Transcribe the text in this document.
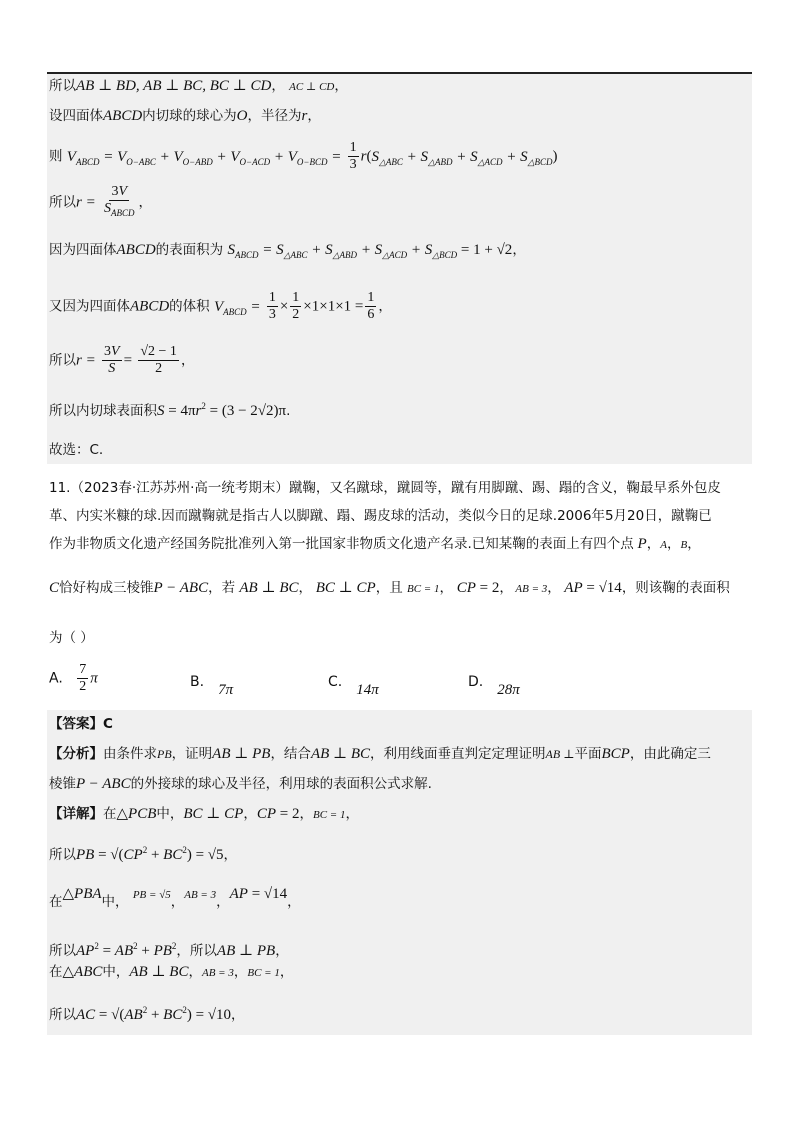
所以AB ⊥ BD, AB ⊥ BC, BC ⊥ CD， AC ⊥ CD，
设四面体ABCD内切球的球心为O，半径为r，
则 $V_{ABCD} = V_{O-ABC} + V_{O-ABD} + V_{O-ACD} + V_{O-BCD} = \frac{1}{3} r(S_{\triangle ABC} + S_{\triangle ABD} + S_{\triangle ACD} + S_{\triangle BCD})$
所以$r = \frac{3V}{S_{ABCD}}$ ，
因为四面体ABCD的表面积为 $S_{ABCD} = S_{\triangle ABC} + S_{\triangle ABD} + S_{\triangle ACD} + S_{\triangle BCD} = 1 + √2$，
又因为四面体ABCD的体积 $V_{ABCD} = \frac{1}{3} \times \frac{1}{2} \times 1\times 1\times 1 = \frac{1}{6}$ ，
所以$r = \frac{3V}{S} = \frac{√2 - 1}{2}$ ，
所以内切球表面积$S = 4\pi r^2 = (3 - 2√2)\pi$.
故选：C.
11.（2023春·江苏苏州·高一统考期末）蹴鞠，又名蹴球，蹴圆等，蹴有用脚蹴、踢、蹋的含义，鞠最早系外包皮
革、内实米糠的球.因而蹴鞠就是指古人以脚蹴、蹋、踢皮球的活动，类似今日的足球.2006年5月20日，蹴鞠已
作为非物质文化遗产经国务院批准列入第一批国家非物质文化遗产名录.已知某鞠的表面上有四个点 P，A，B，
C恰好构成三棱锥P − ABC，若 AB ⊥ BC， BC ⊥ CP，且 BC = 1， CP = 2， AB = 3， AP = √14，则该鞠的表面积
为（ ）
A. $\frac{7}{2}$ π	B. 7π	C. 14π	D. 28π
【答案】C
【分析】由条件求PB，证明AB ⊥ PB，结合AB ⊥ BC，利用线面垂直判定定理证明AB ⊥平面BCP，由此确定三
棱锥P − ABC的外接球的球心及半径，利用球的表面积公式求解.
【详解】在△PCB中，BC ⊥ CP，CP = 2，BC = 1，
所以PB = $√(CP^2 + BC^2) = √5$，
在△PBA中， $^{PB = √5}$，$^{AB = 3}$，AP = √14，
所以$AP^2 = AB^2 + PB^2$，所以AB ⊥ PB，
在△ABC中，AB ⊥ BC，AB = 3，BC = 1，
所以AC = $√(AB^2 + BC^2) = √10$，
